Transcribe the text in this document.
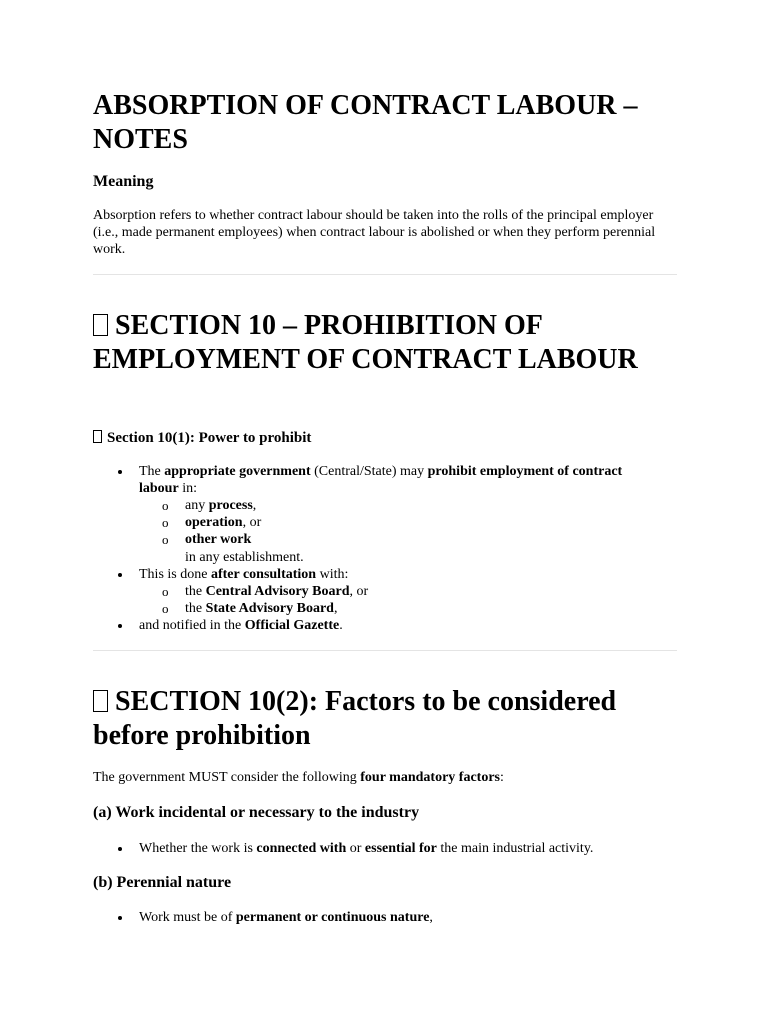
ABSORPTION OF CONTRACT LABOUR – NOTES
Meaning
Absorption refers to whether contract labour should be taken into the rolls of the principal employer (i.e., made permanent employees) when contract labour is abolished or when they perform perennial work.
SECTION 10 – PROHIBITION OF EMPLOYMENT OF CONTRACT LABOUR
Section 10(1): Power to prohibit
The appropriate government (Central/State) may prohibit employment of contract
labour in:
o any process,
o operation, or
o other work
in any establishment.
This is done after consultation with:
o the Central Advisory Board, or
o the State Advisory Board,
and notified in the Official Gazette.
SECTION 10(2): Factors to be considered before prohibition
The government MUST consider the following four mandatory factors:
(a) Work incidental or necessary to the industry
Whether the work is connected with or essential for the main industrial activity.
(b) Perennial nature
Work must be of permanent or continuous nature,
